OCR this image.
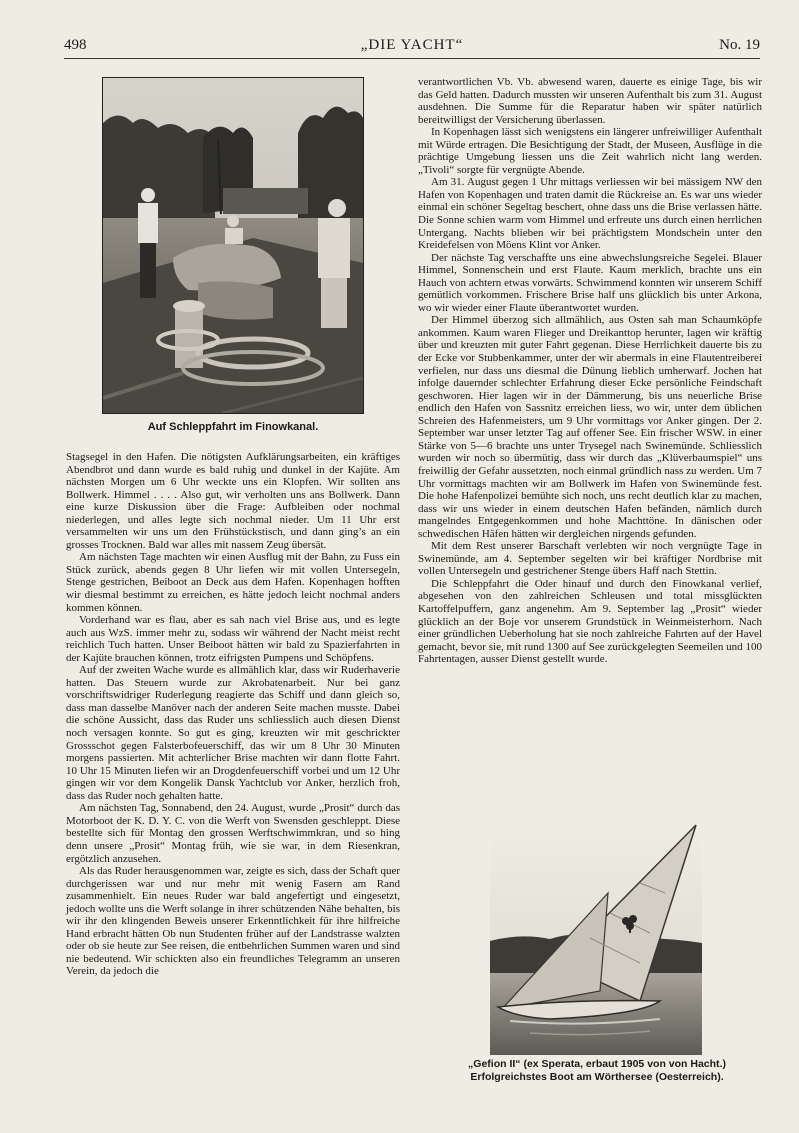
498	„DIE YACHT“	No. 19
Auf Schleppfahrt im Finowkanal.

Stagsegel in den Hafen. Die nötigsten Aufklärungsarbeiten, ein kräftiges Abendbrot und dann wurde es bald ruhig und dunkel in der Kajüte. Am nächsten Morgen um 6 Uhr weckte uns ein Klopfen. Wir sollten ans Bollwerk. Himmel . . . . Also gut, wir verholten uns ans Bollwerk. Dann eine kurze Diskussion über die Frage: Aufbleiben oder nochmal niederlegen, und alles legte sich nochmal nieder. Um 11 Uhr erst versammelten wir uns um den Frühstückstisch, und dann ging’s an ein grosses Trocknen. Bald war alles mit nassem Zeug übersät.

Am nächsten Tage machten wir einen Ausflug mit der Bahn, zu Fuss ein Stück zurück, abends gegen 8 Uhr liefen wir mit vollen Untersegeln, Stenge gestrichen, Beiboot an Deck aus dem Hafen. Kopenhagen hofften wir diesmal bestimmt zu erreichen, es hätte jedoch leicht nochmal anders kommen können.

Vorderhand war es flau, aber es sah nach viel Brise aus, und es legte auch aus WzS. immer mehr zu, sodass wir während der Nacht meist recht reichlich Tuch hatten. Unser Beiboot hätten wir bald zu Spazierfahrten in der Kajüte brauchen können, trotz eifrigsten Pumpens und Schöpfens.

Auf der zweiten Wache wurde es allmählich klar, dass wir Ruderhaverie hatten. Das Steuern wurde zur Akrobatenarbeit. Nur bei ganz vorschriftswidriger Ruderlegung reagierte das Schiff und dann gleich so, dass man dasselbe Manöver nach der anderen Seite machen musste. Dabei die schöne Aussicht, dass das Ruder uns schliesslich auch diesen Dienst noch versagen konnte. So gut es ging, kreuzten wir mit geschrickter Grossschot gegen Falsterbofeuerschiff, das wir um 8 Uhr 30 Minuten morgens passierten. Mit achterlicher Brise machten wir dann flotte Fahrt. 10 Uhr 15 Minuten liefen wir an Drogdenfeuerschiff vorbei und um 12 Uhr gingen wir vor dem Kongelik Dansk Yachtclub vor Anker, herzlich froh, dass das Ruder noch gehalten hatte.

Am nächsten Tag, Sonnabend, den 24. August, wurde „Prosit“ durch das Motorboot der K. D. Y. C. von die Werft von Swensden geschleppt. Diese bestellte sich für Montag den grossen Werftschwimmkran, und so hing denn unsere „Prosit“ Montag früh, wie sie war, in dem Riesenkran, ergötzlich anzusehen.

Als das Ruder herausgenommen war, zeigte es sich, dass der Schaft quer durchgerissen war und nur mehr mit wenig Fasern am Rand zusammenhielt. Ein neues Ruder war bald angefertigt und eingesetzt, jedoch wollte uns die Werft solange in ihrer schützenden Nähe behalten, bis wir ihr den klingenden Beweis unserer Erkenntlichkeit für ihre hilfreiche Hand erbracht hätten Ob nun Studenten früher auf der Landstrasse walzten oder ob sie heute zur See reisen, die entbehrlichen Summen waren und sind nie bedeutend. Wir schickten also ein freundliches Telegramm an unseren Verein, da jedoch die

verantwortlichen Vb. Vb. abwesend waren, dauerte es einige Tage, bis wir das Geld hatten. Dadurch mussten wir unseren Aufenthalt bis zum 31. August ausdehnen. Die Summe für die Reparatur haben wir später natürlich bereitwilligst der Versicherung überlassen.

In Kopenhagen lässt sich wenigstens ein längerer unfreiwilliger Aufenthalt mit Würde ertragen. Die Besichtigung der Stadt, der Museen, Ausflüge in die prächtige Umgebung liessen uns die Zeit wahrlich nicht lang werden. „Tivoli“ sorgte für vergnügte Abende.

Am 31. August gegen 1 Uhr mittags verliessen wir bei mässigem NW den Hafen von Kopenhagen und traten damit die Rückreise an. Es war uns wieder einmal ein schöner Segeltag beschert, ohne dass uns die Brise verlassen hätte. Die Sonne schien warm vom Himmel und erfreute uns durch einen herrlichen Untergang. Nachts blieben wir bei prächtigstem Mondschein unter den Kreidefelsen von Möens Klint vor Anker.

Der nächste Tag verschaffte uns eine abwechslungsreiche Segelei. Blauer Himmel, Sonnenschein und erst Flaute. Kaum merklich, brachte uns ein Hauch von achtern etwas vorwärts. Schwimmend konnten wir unserem Schiff gemütlich vorkommen. Frischere Brise half uns glücklich bis unter Arkona, wo wir wieder einer Flaute überantwortet wurden.

Der Himmel überzog sich allmählich, aus Osten sah man Schaumköpfe ankommen. Kaum waren Flieger und Dreikanttop herunter, lagen wir kräftig über und kreuzten mit guter Fahrt gegenan. Diese Herrlichkeit dauerte bis zu der Ecke vor Stubbenkammer, unter der wir abermals in eine Flautentreiberei verfielen, nur dass uns diesmal die Dünung lieblich umherwarf. Jochen hat infolge dauernder schlechter Erfahrung dieser Ecke persönliche Feindschaft geschworen. Hier lagen wir in der Dämmerung, bis uns neuerliche Brise endlich den Hafen von Sassnitz erreichen liess, wo wir, unter dem üblichen Schreien des Hafenmeisters, um 9 Uhr vormittags vor Anker gingen. Der 2. September war unser letzter Tag auf offener See. Ein frischer WSW. in einer Stärke von 5—6 brachte uns unter Trysegel nach Swinemünde. Schliesslich wurden wir noch so übermütig, dass wir durch das „Klüverbaumspiel“ uns freiwillig der Gefahr aussetzten, noch einmal gründlich nass zu werden. Um 7 Uhr vormittags machten wir am Bollwerk im Hafen von Swinemünde fest. Die hohe Hafenpolizei bemühte sich noch, uns recht deutlich klar zu machen, dass wir uns wieder in einem deutschen Hafen befänden, nämlich durch mangelndes Entgegenkommen und hohe Machttöne. In dänischen oder schwedischen Häfen hätten wir dergleichen nirgends gefunden.

Mit dem Rest unserer Barschaft verlebten wir noch vergnügte Tage in Swinemünde, am 4. September segelten wir bei kräftiger Nordbrise mit vollen Untersegeln und gestrichener Stenge übers Haff nach Stettin.

Die Schleppfahrt die Oder hinauf und durch den Finowkanal verlief, abgesehen von den zahlreichen Schleusen und total missglückten Kartoffelpuffern, ganz angenehm. Am 9. September lag „Prosit“ wieder glücklich an der Boje vor unserem Grundstück in Weinmeisterhorn. Nach einer gründlichen Ueberholung hat sie noch zahlreiche Fahrten auf der Havel gemacht, bevor sie, mit rund 1300 auf See zurückgelegten Seemeilen und 100 Fahrtentagen, ausser Dienst gestellt wurde.

„Gefion II“ (ex Sperata, erbaut 1905 von von Hacht.)
Erfolgreichstes Boot am Wörthersee (Oesterreich).
